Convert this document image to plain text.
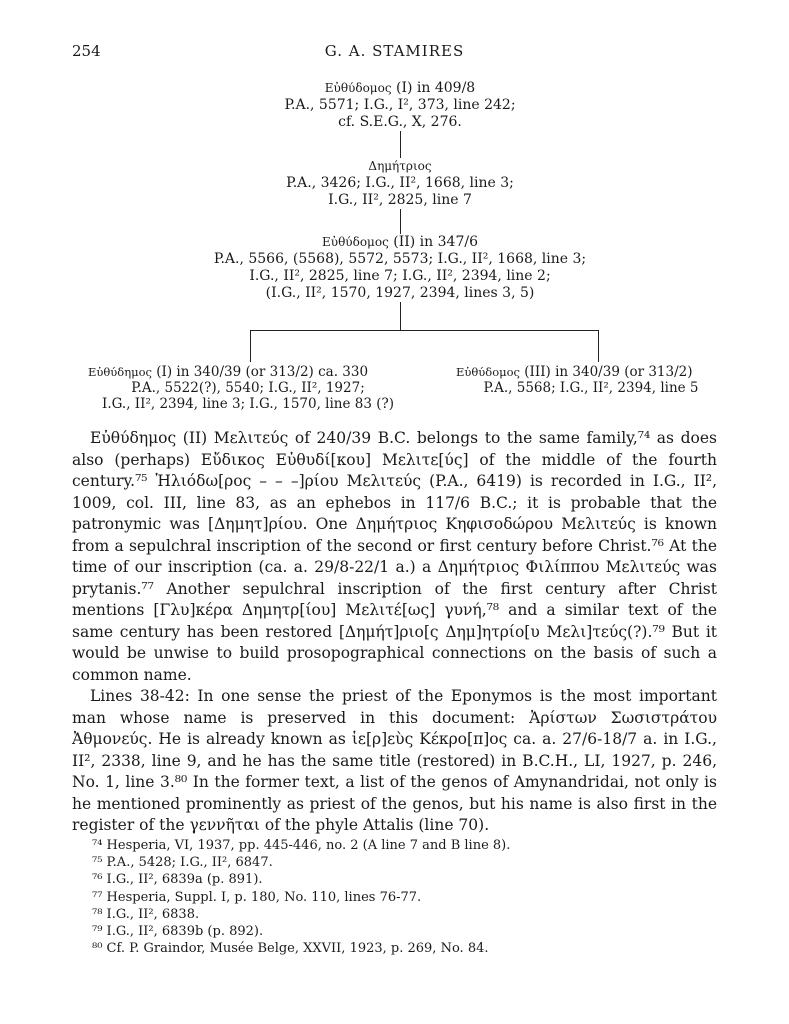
254	G. A. STAMIRES
Εὐθύδομος (I) in 409/8
P.A., 5571; I.G., I², 373, line 242;
cf. S.E.G., X, 276.
Δημήτριος
P.A., 3426; I.G., II², 1668, line 3;
I.G., II², 2825, line 7
Εὐθύδομος (II) in 347/6
P.A., 5566, (5568), 5572, 5573; I.G., II², 1668, line 3;
I.G., II², 2825, line 7; I.G., II², 2394, line 2;
(I.G., II², 1570, 1927, 2394, lines 3, 5)
Εὐθύδημος (I) in 340/39 (or 313/2) ca. 330
P.A., 5522(?), 5540; I.G., II², 1927;
I.G., II², 2394, line 3; I.G., 1570, line 83 (?)
Εὐθύδομος (III) in 340/39 (or 313/2)
P.A., 5568; I.G., II², 2394, line 5

Εὐθύδημος (II) Μελιτεύς of 240/39 B.C. belongs to the same family,⁷⁴ as does also (perhaps) Εὔδικος Εὐθυδί[κου] Μελιτε[ύς] of the middle of the fourth century.⁷⁵ Ἡλιόδω[ρος – – –]ρίου Μελιτεύς (P.A., 6419) is recorded in I.G., II², 1009, col. III, line 83, as an ephebos in 117/6 B.C.; it is probable that the patronymic was [Δημητ]ρίου. One Δημήτριος Κηφισοδώρου Μελιτεύς is known from a sepulchral inscription of the second or first century before Christ.⁷⁶ At the time of our inscription (ca. a. 29/8-22/1 a.) a Δημήτριος Φιλίππου Μελιτεύς was prytanis.⁷⁷ Another sepulchral inscription of the first century after Christ mentions [Γλυ]κέρα Δημητρ[ίου] Μελιτέ[ως] γυνή,⁷⁸ and a similar text of the same century has been restored [Δημήτ]ριο[ς Δημ]ητρίο[υ Μελι]τεύς(?).⁷⁹ But it would be unwise to build prosopographical connections on the basis of such a common name.

Lines 38-42: In one sense the priest of the Eponymos is the most important man whose name is preserved in this document: Ἀρίστων Σωσιστράτου Ἀθμονεύς. He is already known as ἱε[ρ]εὺς Κέκρο[π]ος ca. a. 27/6-18/7 a. in I.G., II², 2338, line 9, and he has the same title (restored) in B.C.H., LI, 1927, p. 246, No. 1, line 3.⁸⁰ In the former text, a list of the genos of Amynandridai, not only is he mentioned prominently as priest of the genos, but his name is also first in the register of the γεννῆται of the phyle Attalis (line 70).

⁷⁴ Hesperia, VI, 1937, pp. 445-446, no. 2 (A line 7 and B line 8).
⁷⁵ P.A., 5428; I.G., II², 6847.
⁷⁶ I.G., II², 6839a (p. 891).
⁷⁷ Hesperia, Suppl. I, p. 180, No. 110, lines 76-77.
⁷⁸ I.G., II², 6838.
⁷⁹ I.G., II², 6839b (p. 892).
⁸⁰ Cf. P. Graindor, Musée Belge, XXVII, 1923, p. 269, No. 84.
